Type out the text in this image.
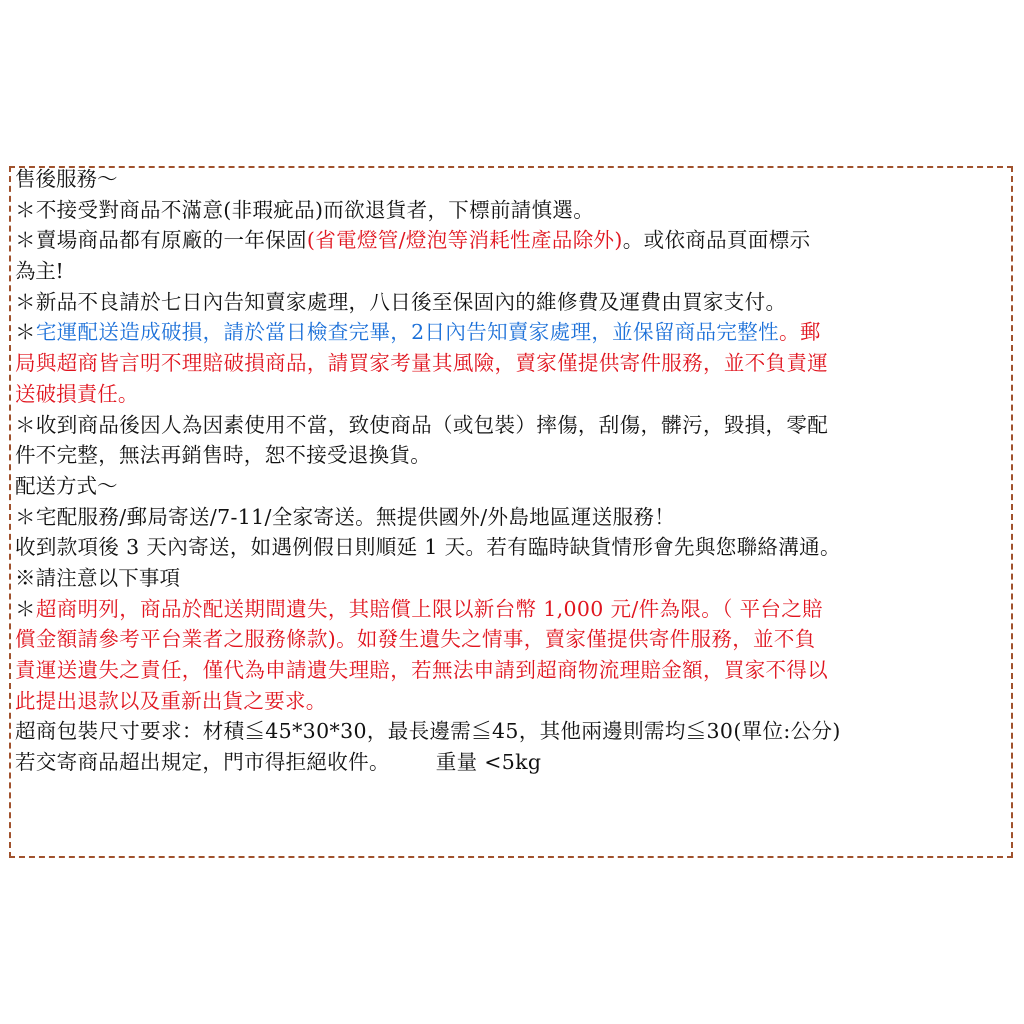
售後服務～
＊不接受對商品不滿意(非瑕疵品)而欲退貨者，下標前請慎選。
＊賣場商品都有原廠的一年保固(省電燈管/燈泡等消耗性產品除外)。或依商品頁面標示
為主!
＊新品不良請於七日內告知賣家處理，八日後至保固內的維修費及運費由買家支付。
＊宅運配送造成破損，請於當日檢查完畢，2日內告知賣家處理，並保留商品完整性。郵
局與超商皆言明不理賠破損商品，請買家考量其風險，賣家僅提供寄件服務，並不負責運
送破損責任。
＊收到商品後因人為因素使用不當，致使商品（或包裝）摔傷，刮傷，髒污，毀損，零配
件不完整，無法再銷售時，恕不接受退換貨。
配送方式～
＊宅配服務/郵局寄送/7-11/全家寄送。無提供國外/外島地區運送服務！
收到款項後 3 天內寄送，如遇例假日則順延 1 天。若有臨時缺貨情形會先與您聯絡溝通。
※請注意以下事項
＊超商明列，商品於配送期間遺失，其賠償上限以新台幣 1,000 元/件為限。（ 平台之賠
償金額請參考平台業者之服務條款)。如發生遺失之情事，賣家僅提供寄件服務，並不負
責運送遺失之責任，僅代為申請遺失理賠，若無法申請到超商物流理賠金額，買家不得以
此提出退款以及重新出貨之要求。
超商包裝尺寸要求：材積≦45*30*30，最長邊需≦45，其他兩邊則需均≦30(單位:公分)
若交寄商品超出規定，門市得拒絕收件。 重量 <5kg
